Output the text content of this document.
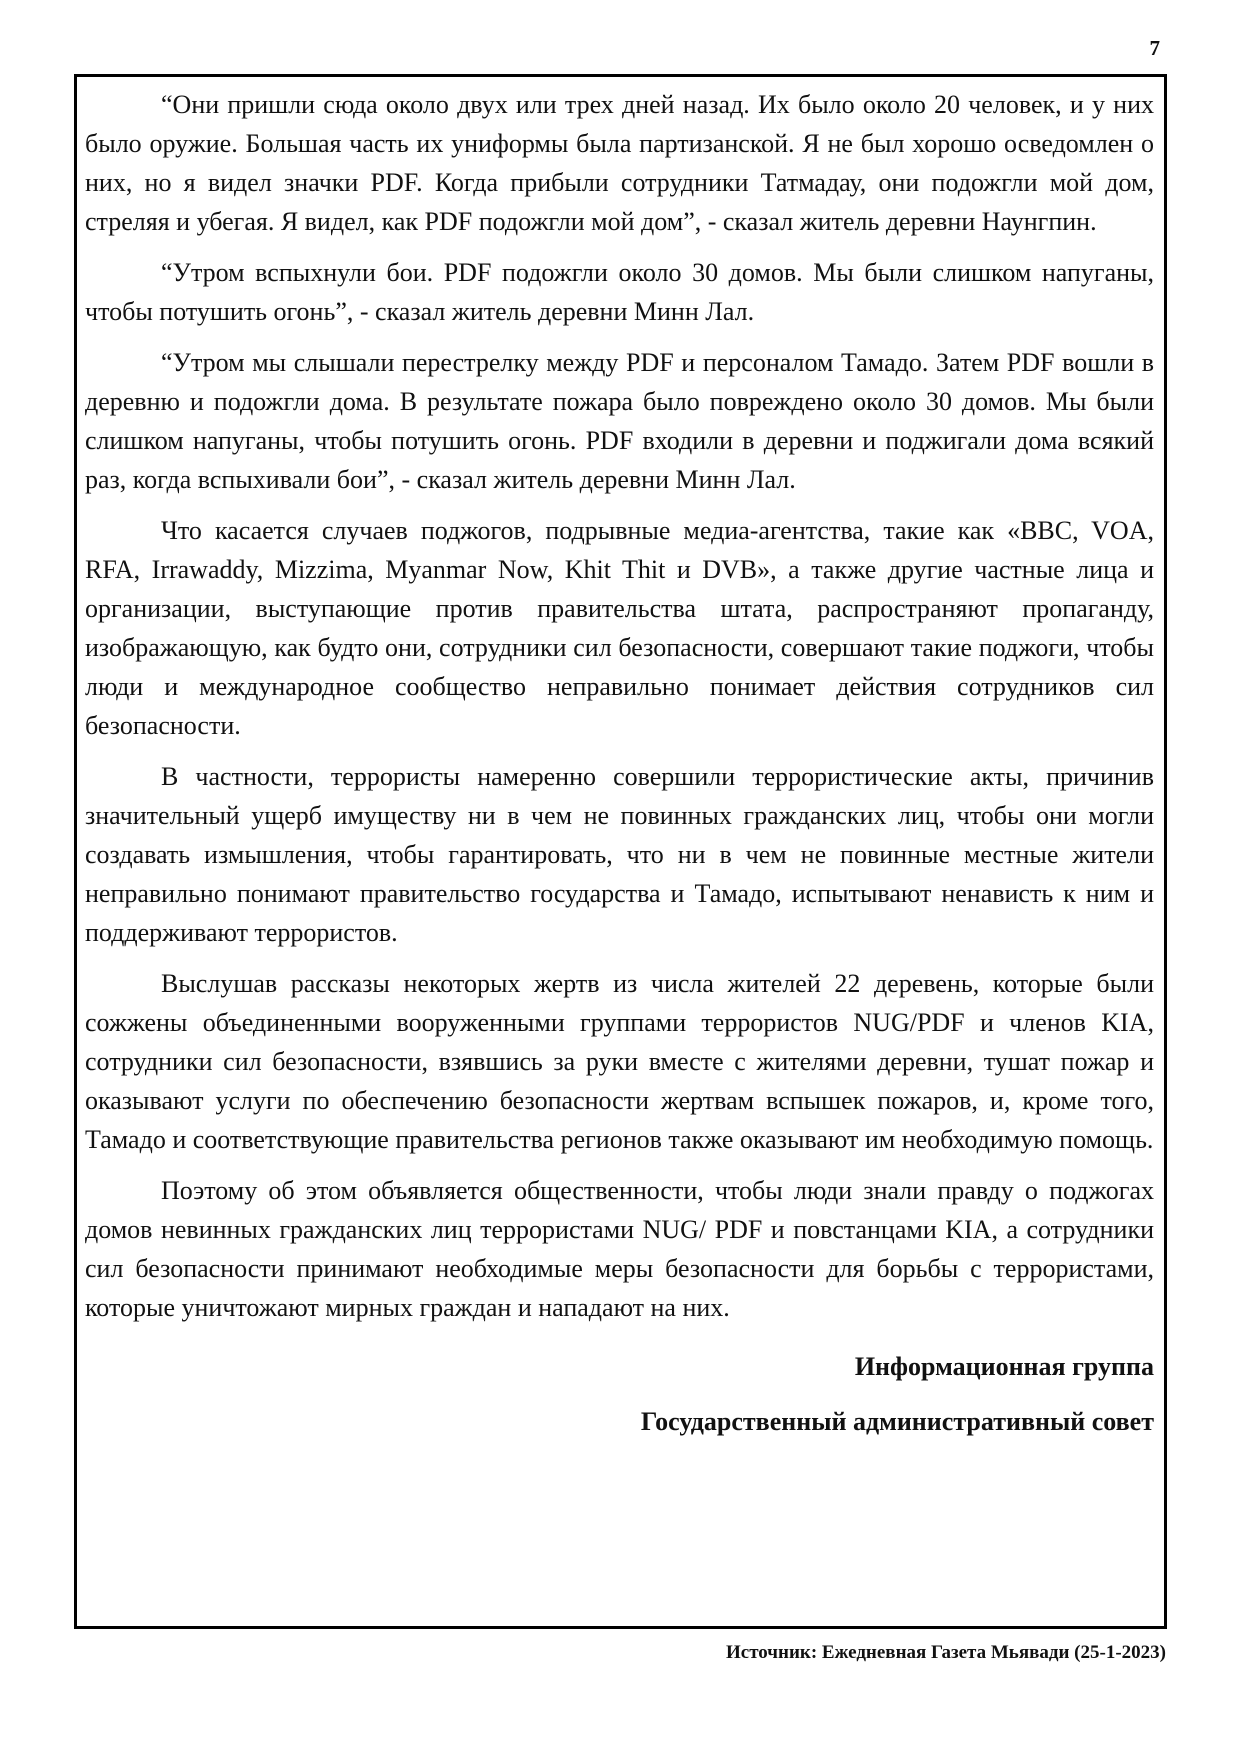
7

“Они пришли сюда около двух или трех дней назад. Их было около 20 человек, и у них было оружие. Большая часть их униформы была партизанской. Я не был хорошо осведомлен о них, но я видел значки PDF. Когда прибыли сотрудники Татмадау, они подожгли мой дом, стреляя и убегая. Я видел, как PDF подожгли мой дом”, - сказал житель деревни Наунгпин.

“Утром вспыхнули бои. PDF подожгли около 30 домов. Мы были слишком напуганы, чтобы потушить огонь”, - сказал житель деревни Минн Лал.

“Утром мы слышали перестрелку между PDF и персоналом Тамадо. Затем PDF вошли в деревню и подожгли дома. В результате пожара было повреждено около 30 домов. Мы были слишком напуганы, чтобы потушить огонь. PDF входили в деревни и поджигали дома всякий раз, когда вспыхивали бои”, - сказал житель деревни Минн Лал.

Что касается случаев поджогов, подрывные медиа-агентства, такие как «BBC, VOA, RFA, Irrawaddy, Mizzima, Myanmar Now, Khit Thit и DVB», а также другие частные лица и организации, выступающие против правительства штата, распространяют пропаганду, изображающую, как будто они, сотрудники сил безопасности, совершают такие поджоги, чтобы люди и международное сообщество неправильно понимает действия сотрудников сил безопасности.

В частности, террористы намеренно совершили террористические акты, причинив значительный ущерб имуществу ни в чем не повинных гражданских лиц, чтобы они могли создавать измышления, чтобы гарантировать, что ни в чем не повинные местные жители неправильно понимают правительство государства и Тамадо, испытывают ненависть к ним и поддерживают террористов.

Выслушав рассказы некоторых жертв из числа жителей 22 деревень, которые были сожжены объединенными вооруженными группами террористов NUG/PDF и членов KIA, сотрудники сил безопасности, взявшись за руки вместе с жителями деревни, тушат пожар и оказывают услуги по обеспечению безопасности жертвам вспышек пожаров, и, кроме того, Тамадо и соответствующие правительства регионов также оказывают им необходимую помощь.

Поэтому об этом объявляется общественности, чтобы люди знали правду о поджогах домов невинных гражданских лиц террористами NUG/ PDF и повстанцами KIA, а сотрудники сил безопасности принимают необходимые меры безопасности для борьбы с террористами, которые уничтожают мирных граждан и нападают на них.

Информационная группа

Государственный административный совет

Источник: Ежедневная Газета Мьявади (25-1-2023)
